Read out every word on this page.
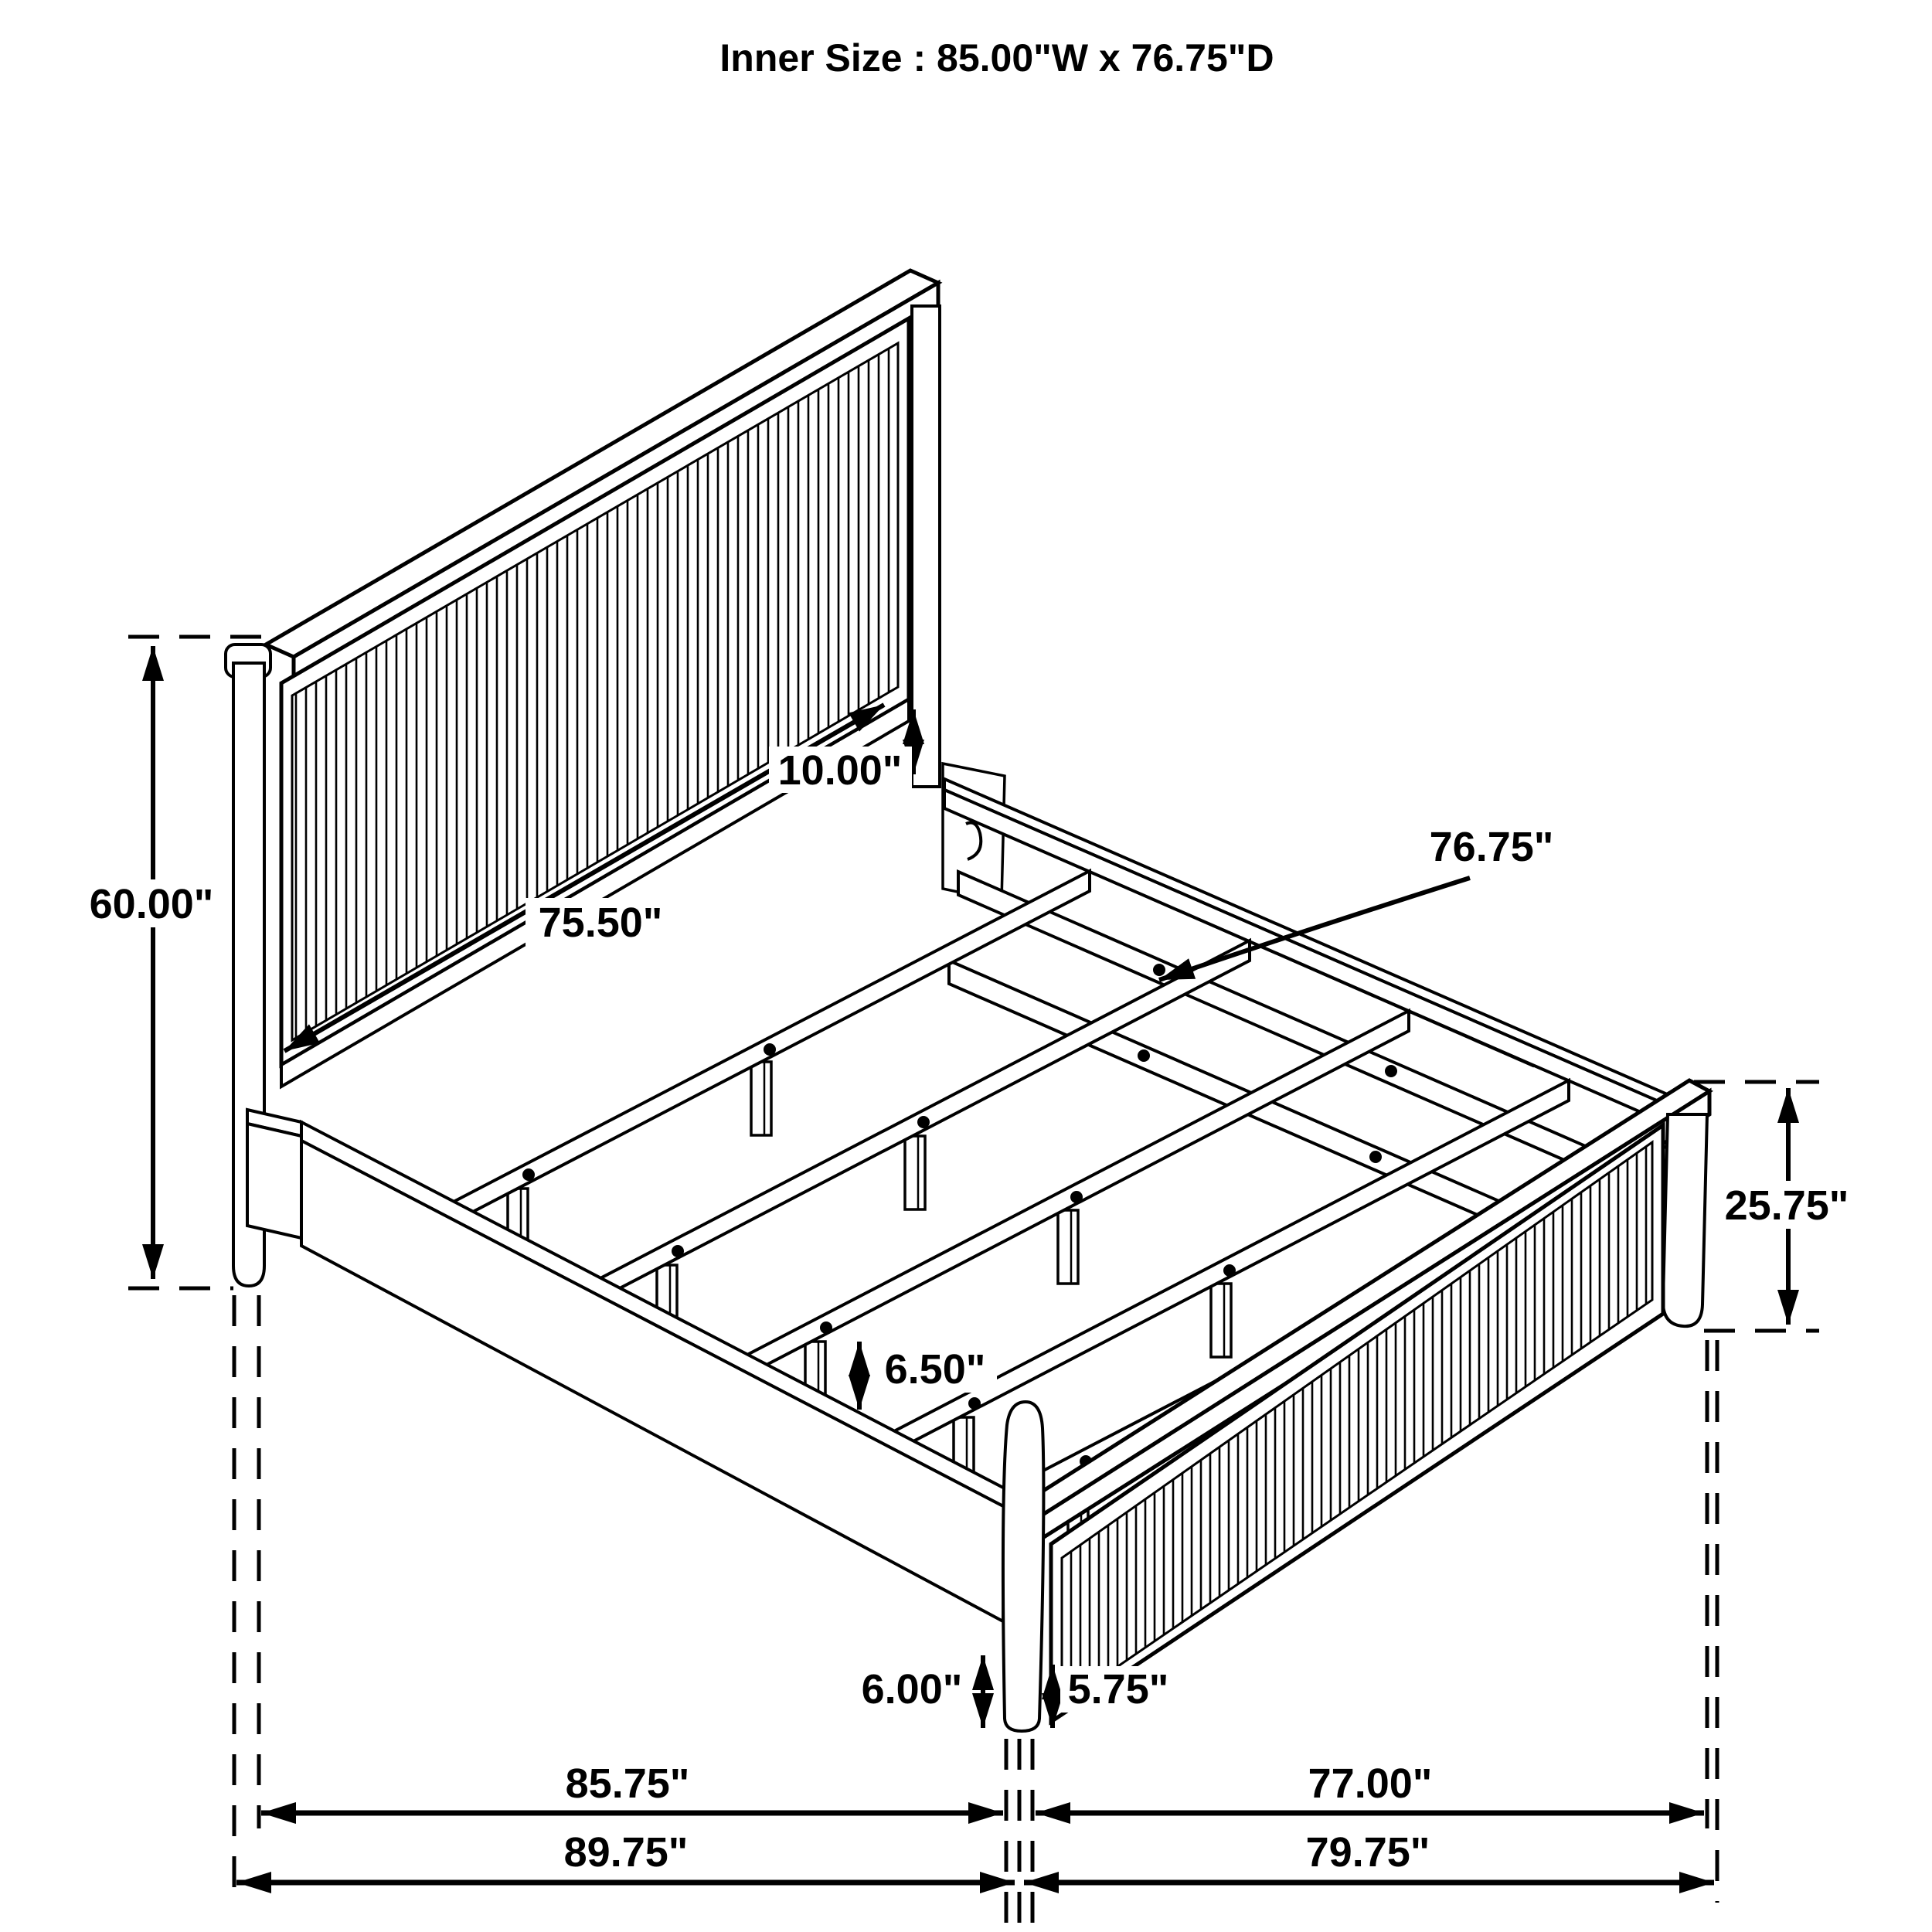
60.00"	75.50"
10.00"
76.75"
25.75"
6.50"
6.00"	5.75"
85.75"	77.00"
89.75"	79.75"
Inner Size : 85.00"W x 76.75"D
